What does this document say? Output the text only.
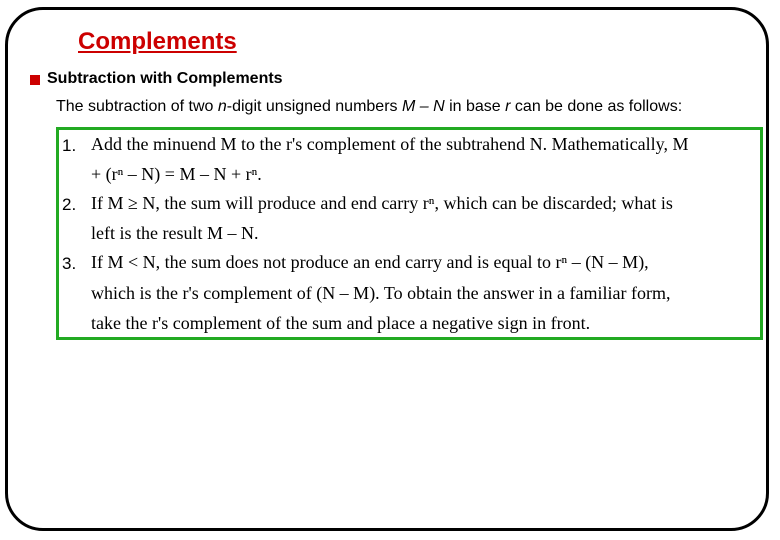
Complements
Subtraction with Complements
The subtraction of two n-digit unsigned numbers M – N in base r can be done as follows:
1. Add the minuend M to the r's complement of the subtrahend N. Mathematically, M
+ (rⁿ – N) = M – N + rⁿ.
2. If M ≥ N, the sum will produce and end carry rⁿ, which can be discarded; what is
left is the result M – N.
3. If M < N, the sum does not produce an end carry and is equal to rⁿ – (N – M),
which is the r's complement of (N – M). To obtain the answer in a familiar form,
take the r's complement of the sum and place a negative sign in front.
